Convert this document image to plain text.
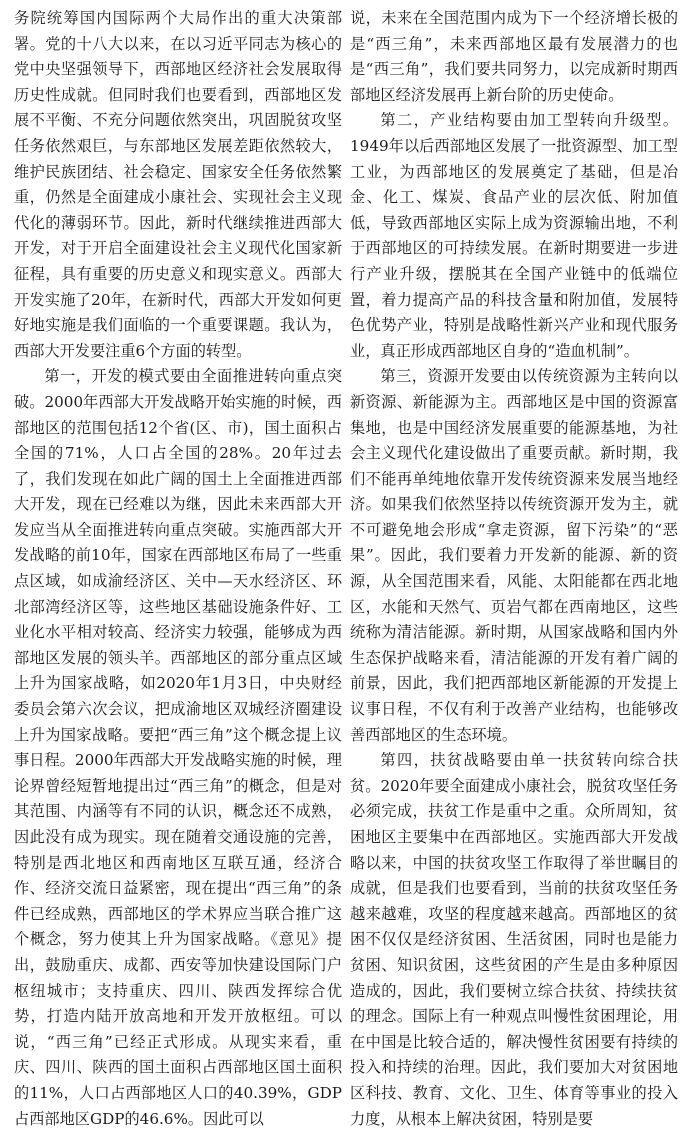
务院统筹国内国际两个大局作出的重大决策部署。党的十八大以来，在以习近平同志为核心的党中央坚强领导下，西部地区经济社会发展取得历史性成就。但同时我们也要看到，西部地区发展不平衡、不充分问题依然突出，巩固脱贫攻坚任务依然艰巨，与东部地区发展差距依然较大，维护民族团结、社会稳定、国家安全任务依然繁重，仍然是全面建成小康社会、实现社会主义现代化的薄弱环节。因此，新时代继续推进西部大开发，对于开启全面建设社会主义现代化国家新征程，具有重要的历史意义和现实意义。西部大开发实施了20年，在新时代，西部大开发如何更好地实施是我们面临的一个重要课题。我认为，西部大开发要注重6个方面的转型。

第一，开发的模式要由全面推进转向重点突破。2000年西部大开发战略开始实施的时候，西部地区的范围包括12个省(区、市)，国土面积占全国的71%，人口占全国的28%。20年过去了，我们发现在如此广阔的国土上全面推进西部大开发，现在已经难以为继，因此未来西部大开发应当从全面推进转向重点突破。实施西部大开发战略的前10年，国家在西部地区布局了一些重点区域，如成渝经济区、关中—天水经济区、环北部湾经济区等，这些地区基础设施条件好、工业化水平相对较高、经济实力较强，能够成为西部地区发展的领头羊。西部地区的部分重点区域上升为国家战略，如2020年1月3日，中央财经委员会第六次会议，把成渝地区双城经济圈建设上升为国家战略。要把“西三角”这个概念提上议事日程。2000年西部大开发战略实施的时候，理论界曾经短暂地提出过“西三角”的概念，但是对其范围、内涵等有不同的认识，概念还不成熟，因此没有成为现实。现在随着交通设施的完善，特别是西北地区和西南地区互联互通，经济合作、经济交流日益紧密，现在提出“西三角”的条件已经成熟，西部地区的学术界应当联合推广这个概念，努力使其上升为国家战略。《意见》提出，鼓励重庆、成都、西安等加快建设国际门户枢纽城市；支持重庆、四川、陕西发挥综合优势，打造内陆开放高地和开发开放枢纽。可以说，“西三角”已经正式形成。从现实来看，重庆、四川、陕西的国土面积占西部地区国土面积的11%，人口占西部地区人口的40.39%，GDP占西部地区GDP的46.6%。因此可以

说，未来在全国范围内成为下一个经济增长极的是“西三角”，未来西部地区最有发展潜力的也是“西三角”，我们要共同努力，以完成新时期西部地区经济发展再上新台阶的历史使命。

第二，产业结构要由加工型转向升级型。1949年以后西部地区发展了一批资源型、加工型工业，为西部地区的发展奠定了基础，但是冶金、化工、煤炭、食品产业的层次低、附加值低，导致西部地区实际上成为资源输出地，不利于西部地区的可持续发展。在新时期要进一步进行产业升级，摆脱其在全国产业链中的低端位置，着力提高产品的科技含量和附加值，发展特色优势产业，特别是战略性新兴产业和现代服务业，真正形成西部地区自身的“造血机制”。

第三，资源开发要由以传统资源为主转向以新资源、新能源为主。西部地区是中国的资源富集地，也是中国经济发展重要的能源基地，为社会主义现代化建设做出了重要贡献。新时期，我们不能再单纯地依靠开发传统资源来发展当地经济。如果我们依然坚持以传统资源开发为主，就不可避免地会形成“拿走资源，留下污染”的“恶果”。因此，我们要着力开发新的能源、新的资源，从全国范围来看，风能、太阳能都在西北地区，水能和天然气、页岩气都在西南地区，这些统称为清洁能源。新时期，从国家战略和国内外生态保护战略来看，清洁能源的开发有着广阔的前景，因此，我们把西部地区新能源的开发提上议事日程，不仅有利于改善产业结构，也能够改善西部地区的生态环境。

第四，扶贫战略要由单一扶贫转向综合扶贫。2020年要全面建成小康社会，脱贫攻坚任务必须完成，扶贫工作是重中之重。众所周知，贫困地区主要集中在西部地区。实施西部大开发战略以来，中国的扶贫攻坚工作取得了举世瞩目的成就，但是我们也要看到，当前的扶贫攻坚任务越来越难，攻坚的程度越来越高。西部地区的贫困不仅仅是经济贫困、生活贫困，同时也是能力贫困、知识贫困，这些贫困的产生是由多种原因造成的，因此，我们要树立综合扶贫、持续扶贫的理念。国际上有一种观点叫慢性贫困理论，用在中国是比较合适的，解决慢性贫困要有持续的投入和持续的治理。因此，我们要加大对贫困地区科技、教育、文化、卫生、体育等事业的投入力度，从根本上解决贫困，特别是要
